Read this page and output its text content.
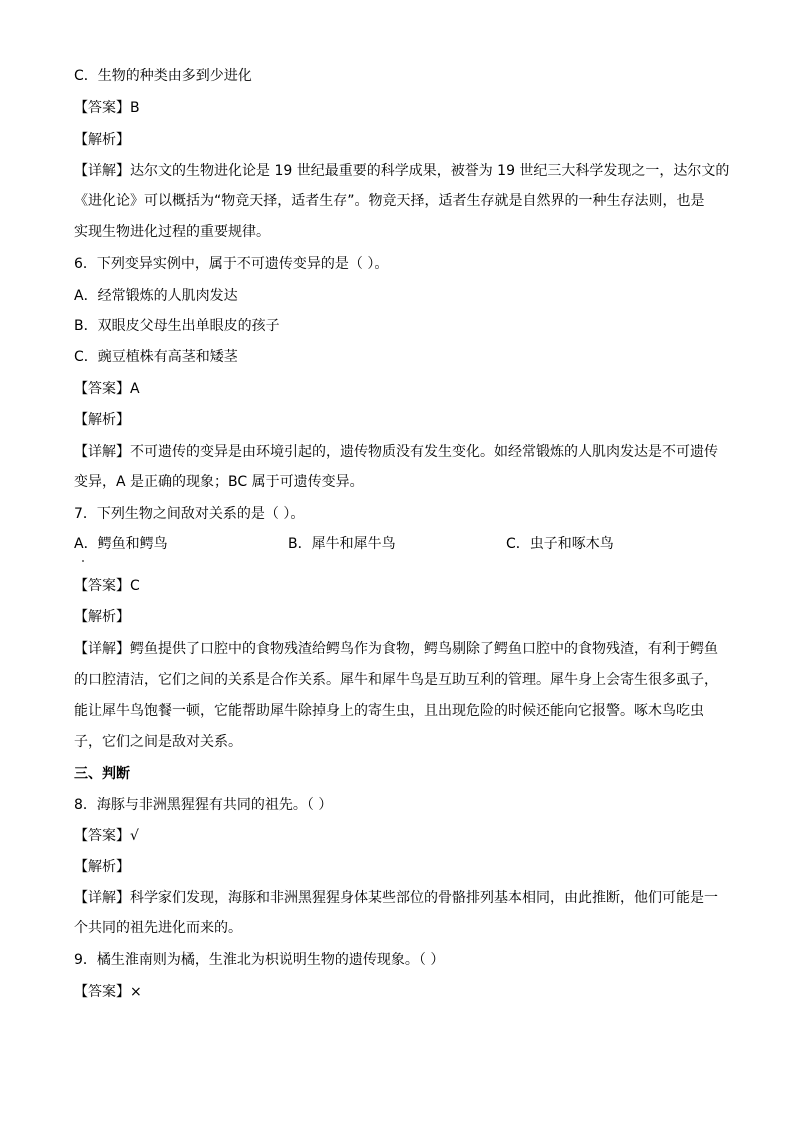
C．生物的种类由多到少进化
【答案】B
【解析】
【详解】达尔文的生物进化论是 19 世纪最重要的科学成果，被誉为 19 世纪三大科学发现之一，达尔文的
《进化论》可以概括为“物竞天择，适者生存”。物竞天择，适者生存就是自然界的一种生存法则，也是
实现生物进化过程的重要规律。
6．下列变异实例中，属于不可遗传变异的是（ ）。
A．经常锻炼的人肌肉发达
B．双眼皮父母生出单眼皮的孩子
C．豌豆植株有高茎和矮茎
【答案】A
【解析】
【详解】不可遗传的变异是由环境引起的，遗传物质没有发生变化。如经常锻炼的人肌肉发达是不可遗传
变异，A 是正确的现象；BC 属于可遗传变异。
7．下列生物之间敌对关系的是（ ）。
A．鳄鱼和鳄鸟	B．犀牛和犀牛鸟	C．虫子和啄木鸟
【答案】C
【解析】
【详解】鳄鱼提供了口腔中的食物残渣给鳄鸟作为食物，鳄鸟剔除了鳄鱼口腔中的食物残渣，有利于鳄鱼
的口腔清洁，它们之间的关系是合作关系。犀牛和犀牛鸟是互助互利的管理。犀牛身上会寄生很多虱子，
能让犀牛鸟饱餐一顿，它能帮助犀牛除掉身上的寄生虫，且出现危险的时候还能向它报警。啄木鸟吃虫
子，它们之间是敌对关系。
三、判断
8．海豚与非洲黑猩猩有共同的祖先。（ ）
【答案】√
【解析】
【详解】科学家们发现，海豚和非洲黑猩猩身体某些部位的骨骼排列基本相同，由此推断，他们可能是一
个共同的祖先进化而来的。
9．橘生淮南则为橘，生淮北为枳说明生物的遗传现象。（ ）
【答案】×
